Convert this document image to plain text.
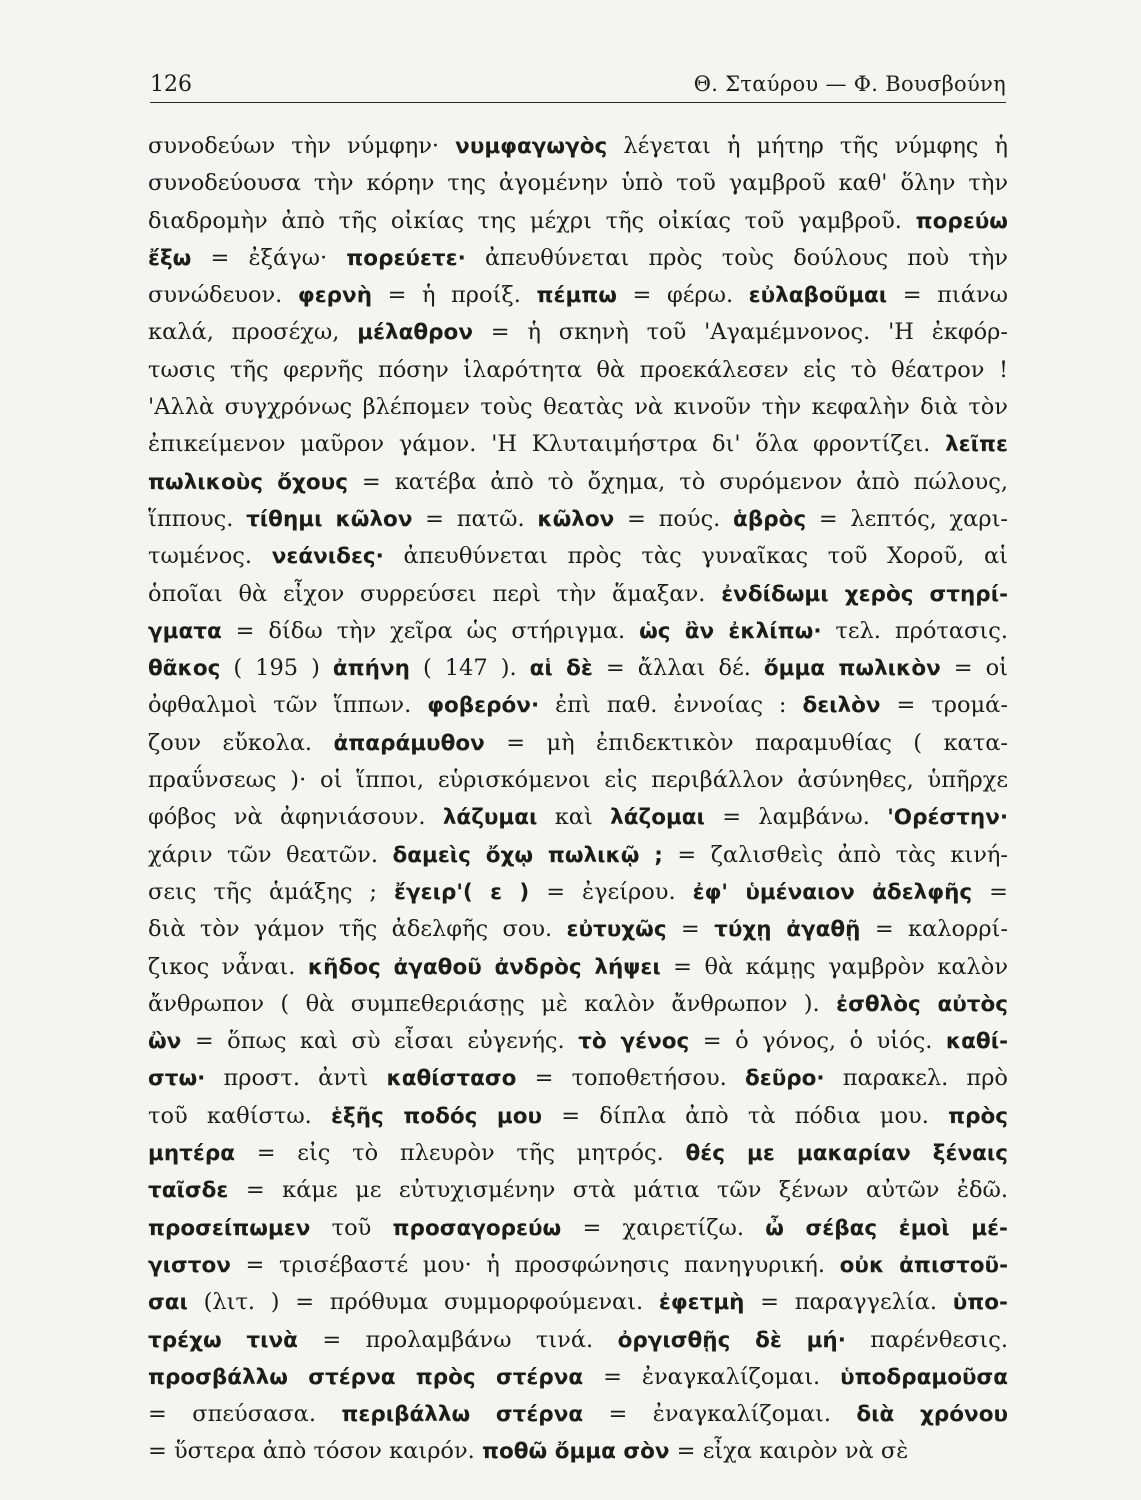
126	Θ. Σταύρου — Φ. Βουσβούνη
συνοδεύων τὴν νύμφην· νυμφαγωγὸς λέγεται ἡ μήτηρ τῆς νύμφης ἡ
συνοδεύουσα τὴν κόρην της ἀγομένην ὑπὸ τοῦ γαμβροῦ καθ' ὅλην τὴν
διαδρομὴν ἀπὸ τῆς οἰκίας της μέχρι τῆς οἰκίας τοῦ γαμβροῦ. πορεύω
ἔξω = ἐξάγω· πορεύετε· ἀπευθύνεται πρὸς τοὺς δούλους ποὺ τὴν
συνώδευον. φερνὴ = ἡ προίξ. πέμπω = φέρω. εὐλαβοῦμαι = πιάνω
καλά, προσέχω, μέλαθρον = ἡ σκηνὴ τοῦ 'Αγαμέμνονος. 'Η ἐκφόρ-
τωσις τῆς φερνῆς πόσην ἱλαρότητα θὰ προεκάλεσεν εἰς τὸ θέατρον !
'Αλλὰ συγχρόνως βλέπομεν τοὺς θεατὰς νὰ κινοῦν τὴν κεφαλὴν διὰ τὸν
ἐπικείμενον μαῦρον γάμον. 'Η Κλυταιμήστρα δι' ὅλα φροντίζει. λεῖπε
πωλικοὺς ὄχους = κατέβα ἀπὸ τὸ ὄχημα, τὸ συρόμενον ἀπὸ πώλους,
ἵππους. τίθημι κῶλον = πατῶ. κῶλον = πούς. ἁβρὸς = λεπτός, χαρι-
τωμένος. νεάνιδες· ἀπευθύνεται πρὸς τὰς γυναῖκας τοῦ Χοροῦ, αἱ
ὁποῖαι θὰ εἶχον συρρεύσει περὶ τὴν ἅμαξαν. ἐνδίδωμι χερὸς στηρί-
γματα = δίδω τὴν χεῖρα ὡς στήριγμα. ὡς ἂν ἐκλίπω· τελ. πρότασις.
θᾶκος ( 195 ) ἀπήνη ( 147 ). αἱ δὲ = ἄλλαι δέ. ὄμμα πωλικὸν = οἱ
ὀφθαλμοὶ τῶν ἵππων. φοβερόν· ἐπὶ παθ. ἐννοίας : δειλὸν = τρομά-
ζουν εὔκολα. ἀπαράμυθον = μὴ ἐπιδεκτικὸν παραμυθίας ( κατα-
πραΰνσεως )· οἱ ἵπποι, εὑρισκόμενοι εἰς περιβάλλον ἀσύνηθες, ὑπῆρχε
φόβος νὰ ἀφηνιάσουν. λάζυμαι καὶ λάζομαι = λαμβάνω. 'Ορέστην·
χάριν τῶν θεατῶν. δαμεὶς ὄχῳ πωλικῷ ; = ζαλισθεὶς ἀπὸ τὰς κινή-
σεις τῆς ἁμάξης ; ἔγειρ'( ε ) = ἐγείρου. ἐφ' ὑμέναιον ἀδελφῆς =
διὰ τὸν γάμον τῆς ἀδελφῆς σου. εὐτυχῶς = τύχῃ ἀγαθῇ = καλορρί-
ζικος νἆναι. κῆδος ἀγαθοῦ ἀνδρὸς λήψει = θὰ κάμῃς γαμβρὸν καλὸν
ἄνθρωπον ( θὰ συμπεθεριάσῃς μὲ καλὸν ἄνθρωπον ). ἐσθλὸς αὐτὸς
ὢν = ὅπως καὶ σὺ εἶσαι εὐγενής. τὸ γένος = ὁ γόνος, ὁ υἱός. καθί-
στω· προστ. ἀντὶ καθίστασο = τοποθετήσου. δεῦρο· παρακελ. πρὸ
τοῦ καθίστω. ἑξῆς ποδός μου = δίπλα ἀπὸ τὰ πόδια μου. πρὸς
μητέρα = εἰς τὸ πλευρὸν τῆς μητρός. θές με μακαρίαν ξέναις
ταῖσδε = κάμε με εὐτυχισμένην στὰ μάτια τῶν ξένων αὐτῶν ἐδῶ.
προσείπωμεν τοῦ προσαγορεύω = χαιρετίζω. ὦ σέβας ἐμοὶ μέ-
γιστον = τρισέβαστέ μου· ἡ προσφώνησις πανηγυρική. οὐκ ἀπιστοῦ-
σαι (λιτ. ) = πρόθυμα συμμορφούμεναι. ἐφετμὴ = παραγγελία. ὑπο-
τρέχω τινὰ = προλαμβάνω τινά. ὀργισθῇς δὲ μή· παρένθεσις.
προσβάλλω στέρνα πρὸς στέρνα = ἐναγκαλίζομαι. ὑποδραμοῦσα
= σπεύσασα. περιβάλλω στέρνα = ἐναγκαλίζομαι. διὰ χρόνου
= ὕστερα ἀπὸ τόσον καιρόν. ποθῶ ὄμμα σὸν = εἶχα καιρὸν νὰ σὲ
